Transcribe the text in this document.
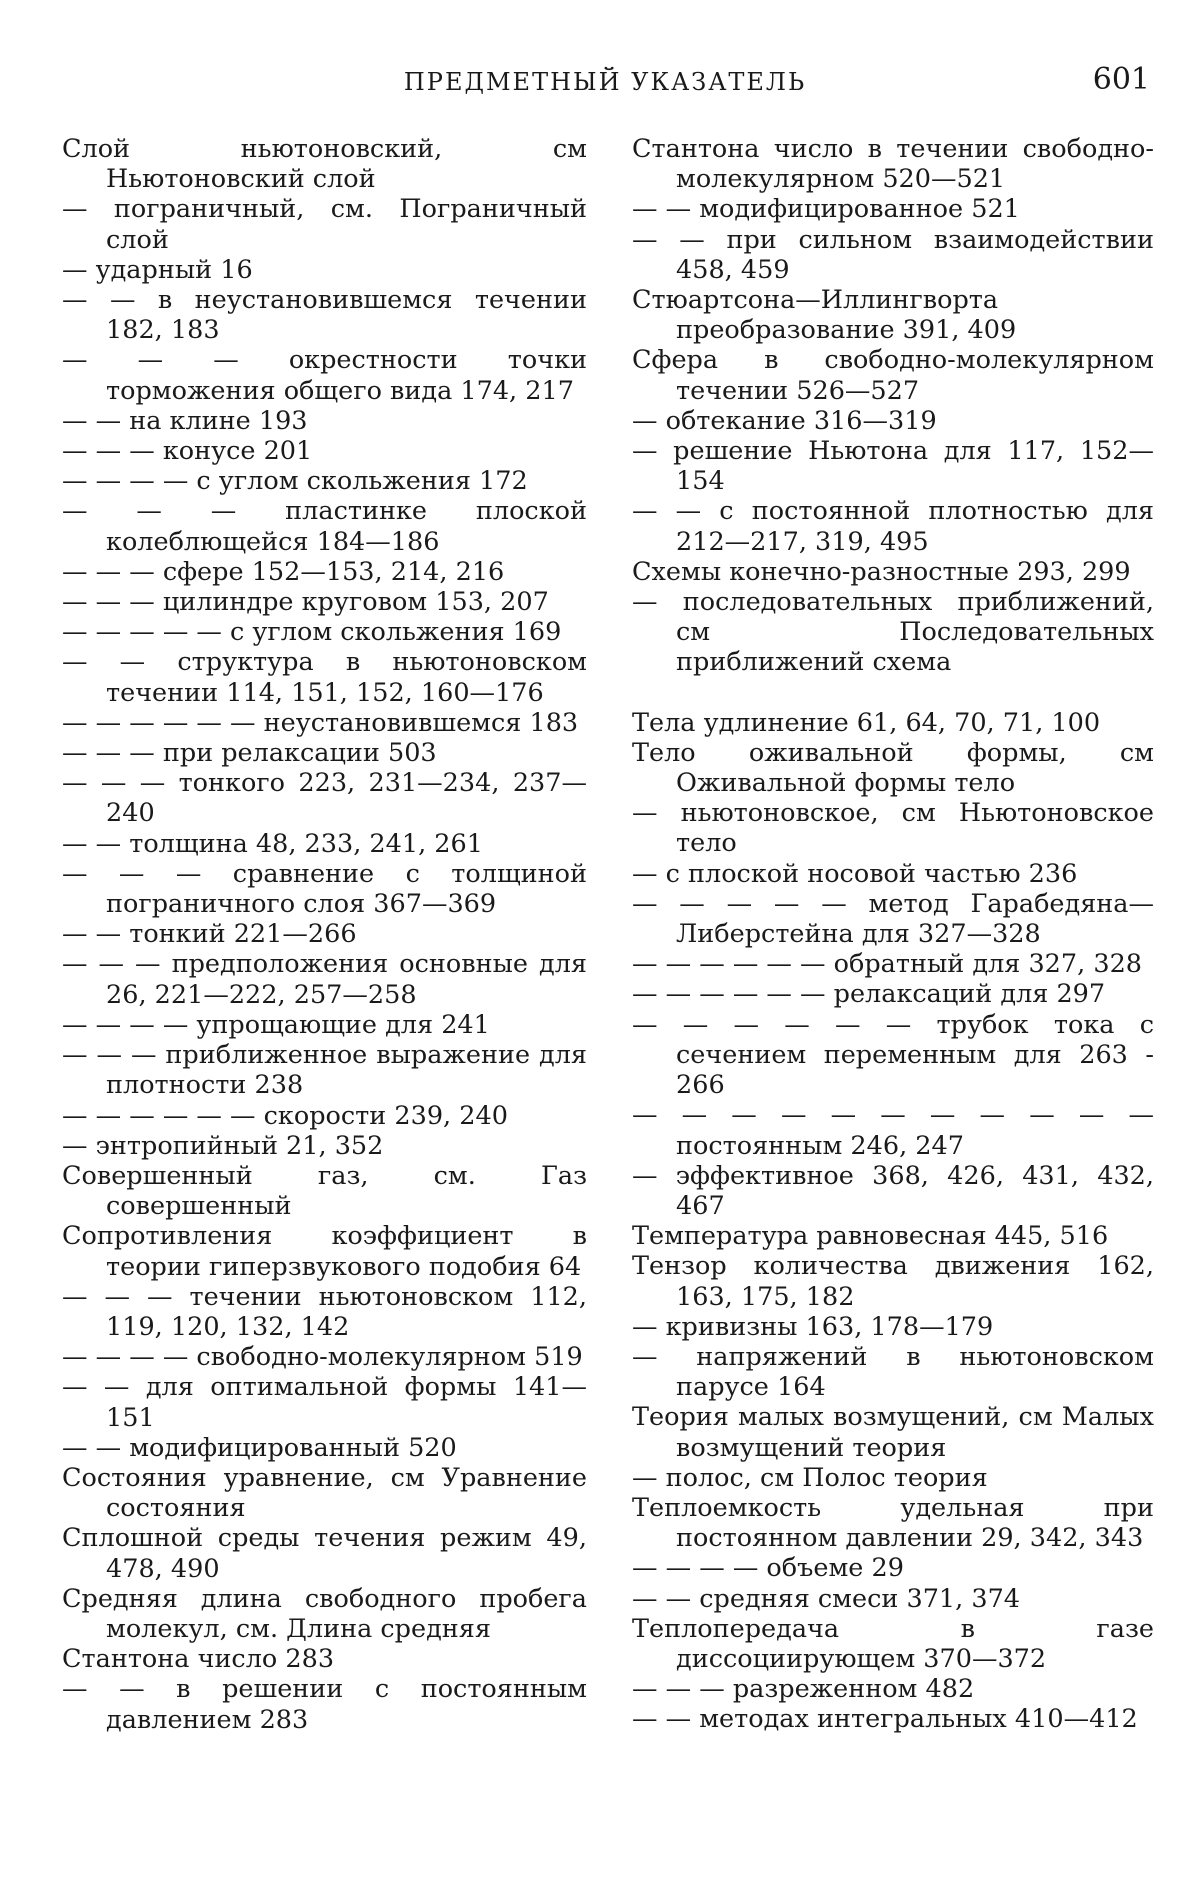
ПРЕДМЕТНЫЙ УКАЗАТЕЛЬ	601
Слой ньютоновский, см Ньютоновский слой
— пограничный, см. Пограничный слой
— ударный 16
— — в неустановившемся течении 182, 183
— — — окрестности точки торможения общего вида 174, 217
— — на клине 193
— — — конусе 201
— — — — с углом скольжения 172
— — — пластинке плоской колеблющейся 184—186
— — — сфере 152—153, 214, 216
— — — цилиндре круговом 153, 207
— — — — — с углом скольжения 169
— — структура в ньютоновском течении 114, 151, 152, 160—176
— — — — — — неустановившемся 183
— — — при релаксации 503
— — — тонкого 223, 231—234, 237—240
— — толщина 48, 233, 241, 261
— — — сравнение с толщиной пограничного слоя 367—369
— — тонкий 221—266
— — — предположения основные для 26, 221—222, 257—258
— — — — упрощающие для 241
— — — приближенное выражение для плотности 238
— — — — — — скорости 239, 240
— энтропийный 21, 352
Совершенный газ, см. Газ совершенный
Сопротивления коэффициент в теории гиперзвукового подобия 64
— — — течении ньютоновском 112, 119, 120, 132, 142
— — — — свободно-молекулярном 519
— — для оптимальной формы 141—151
— — модифицированный 520
Состояния уравнение, см Уравнение состояния
Сплошной среды течения режим 49, 478, 490
Средняя длина свободного пробега молекул, см. Длина средняя
Стантона число 283
— — в решении с постоянным давлением 283
Стантона число в течении свободно-молекулярном 520—521
— — модифицированное 521
— — при сильном взаимодействии 458, 459
Стюартсона—Иллингворта преобразование 391, 409
Сфера в свободно-молекулярном течении 526—527
— обтекание 316—319
— решение Ньютона для 117, 152—154
— — с постоянной плотностью для 212—217, 319, 495
Схемы конечно-разностные 293, 299
— последовательных приближений, см Последовательных приближений схема
Тела удлинение 61, 64, 70, 71, 100
Тело оживальной формы, см Оживальной формы тело
— ньютоновское, см Ньютоновское тело
— с плоской носовой частью 236
— — — — — метод Гарабедяна—Либерстейна для 327—328
— — — — — — обратный для 327, 328
— — — — — — релаксаций для 297
— — — — — — трубок тока с сечением переменным для 263 - 266
— — — — — — — — — — — постоянным 246, 247
— эффективное 368, 426, 431, 432, 467
Температура равновесная 445, 516
Тензор количества движения 162, 163, 175, 182
— кривизны 163, 178—179
— напряжений в ньютоновском парусе 164
Теория малых возмущений, см Малых возмущений теория
— полос, см Полос теория
Теплоемкость удельная при постоянном давлении 29, 342, 343
— — — — объеме 29
— — средняя смеси 371, 374
Теплопередача в газе диссоциирующем 370—372
— — — разреженном 482
— — методах интегральных 410—412
